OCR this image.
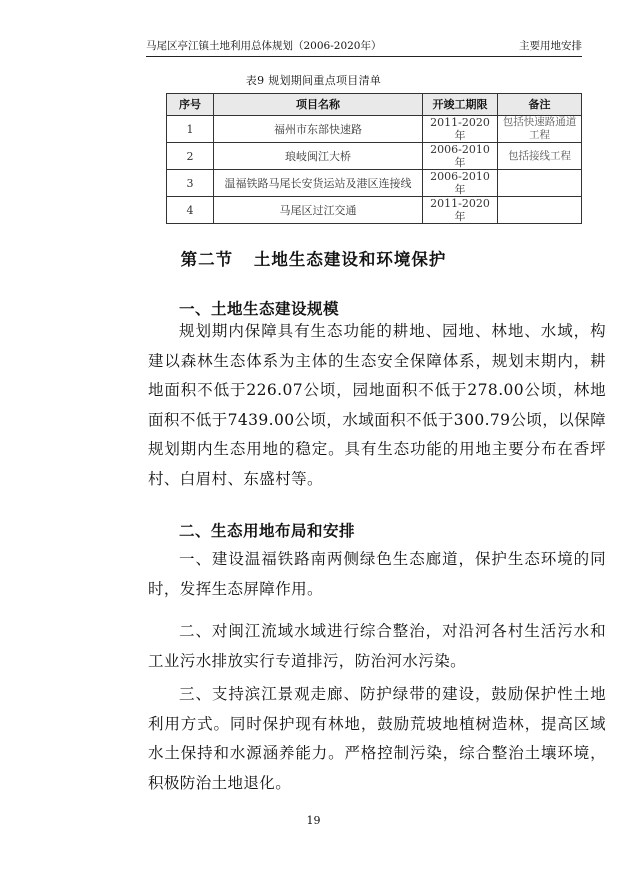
马尾区亭江镇土地利用总体规划（2006-2020年）	主要用地安排
表9 规划期间重点项目清单
序号	项目名称	开竣工期限	备注
1	福州市东部快速路	2011-2020 年	包括快速路通道工程
2	琅岐闽江大桥	2006-2010 年	包括接线工程
3	温福铁路马尾长安货运站及港区连接线	2006-2010 年	
4	马尾区过江交通	2011-2020 年	
第二节 土地生态建设和环境保护
一、土地生态建设规模

规划期内保障具有生态功能的耕地、园地、林地、水域，构建以森林生态体系为主体的生态安全保障体系，规划末期内，耕地面积不低于226.07公顷，园地面积不低于278.00公顷，林地面积不低于7439.00公顷，水域面积不低于300.79公顷，以保障规划期内生态用地的稳定。具有生态功能的用地主要分布在香坪村、白眉村、东盛村等。

二、生态用地布局和安排

一、建设温福铁路南两侧绿色生态廊道，保护生态环境的同时，发挥生态屏障作用。

二、对闽江流域水域进行综合整治，对沿河各村生活污水和工业污水排放实行专道排污，防治河水污染。

三、支持滨江景观走廊、防护绿带的建设，鼓励保护性土地利用方式。同时保护现有林地，鼓励荒坡地植树造林，提高区域水土保持和水源涵养能力。严格控制污染，综合整治土壤环境，积极防治土地退化。

19
